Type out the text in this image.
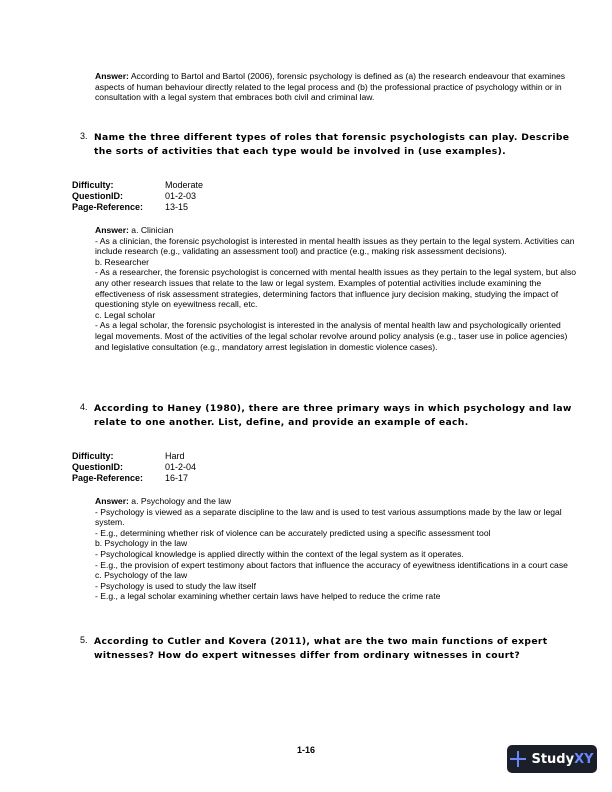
Answer: According to Bartol and Bartol (2006), forensic psychology is defined as (a) the research endeavour that examines aspects of human behaviour directly related to the legal process and (b) the professional practice of psychology within or in consultation with a legal system that embraces both civil and criminal law.
3. Name the three different types of roles that forensic psychologists can play. Describe the sorts of activities that each type would be involved in (use examples).
Difficulty:	Moderate
QuestionID:	01-2-03
Page-Reference:	13-15
Answer: a. Clinician
- As a clinician, the forensic psychologist is interested in mental health issues as they pertain to the legal system. Activities can include research (e.g., validating an assessment tool) and practice (e.g., making risk assessment decisions).
b. Researcher
- As a researcher, the forensic psychologist is concerned with mental health issues as they pertain to the legal system, but also any other research issues that relate to the law or legal system. Examples of potential activities include examining the effectiveness of risk assessment strategies, determining factors that influence jury decision making, studying the impact of questioning style on eyewitness recall, etc.
c. Legal scholar
- As a legal scholar, the forensic psychologist is interested in the analysis of mental health law and psychologically oriented legal movements. Most of the activities of the legal scholar revolve around policy analysis (e.g., taser use in police agencies) and legislative consultation (e.g., mandatory arrest legislation in domestic violence cases).
4. According to Haney (1980), there are three primary ways in which psychology and law relate to one another. List, define, and provide an example of each.
Difficulty:	Hard
QuestionID:	01-2-04
Page-Reference:	16-17
Answer: a. Psychology and the law
- Psychology is viewed as a separate discipline to the law and is used to test various assumptions made by the law or legal system.
- E.g., determining whether risk of violence can be accurately predicted using a specific assessment tool
b. Psychology in the law
- Psychological knowledge is applied directly within the context of the legal system as it operates.
- E.g., the provision of expert testimony about factors that influence the accuracy of eyewitness identifications in a court case
c. Psychology of the law
- Psychology is used to study the law itself
- E.g., a legal scholar examining whether certain laws have helped to reduce the crime rate
5. According to Cutler and Kovera (2011), what are the two main functions of expert witnesses? How do expert witnesses differ from ordinary witnesses in court?
1-16
Study XY
